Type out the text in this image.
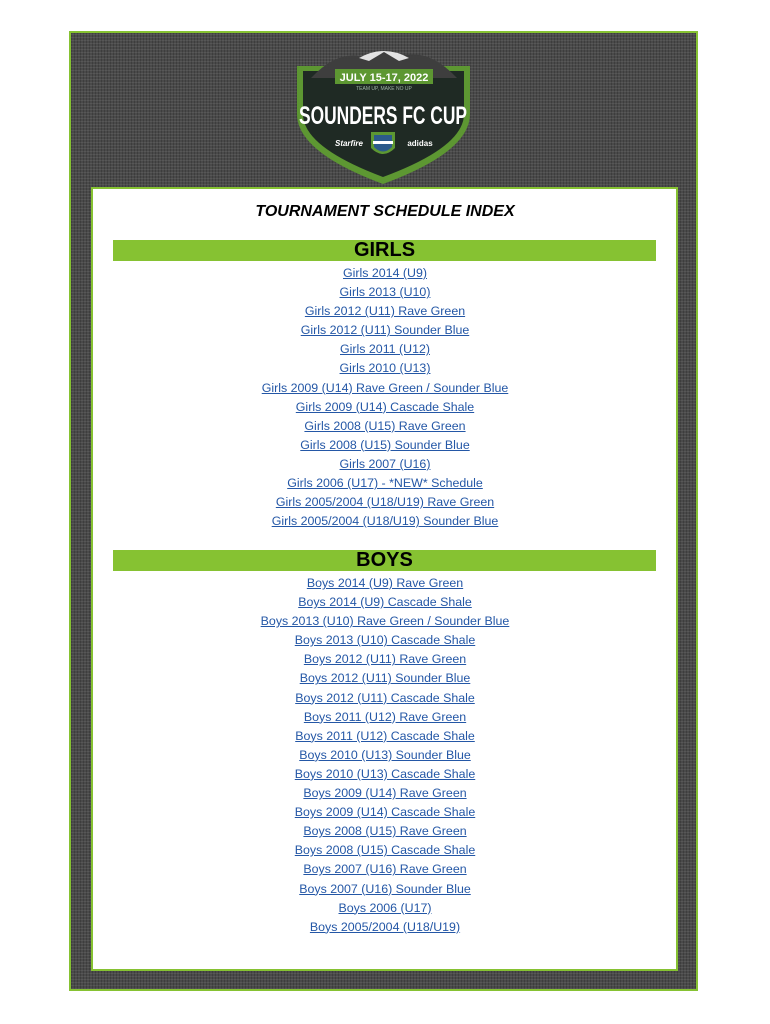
JULY 15-17, 2022
TEAM UP, MAKE NO UP
SOUNDERS FC CUP
Starfire	adidas
TOURNAMENT SCHEDULE INDEX
GIRLS
Girls 2014 (U9)
Girls 2013 (U10)
Girls 2012 (U11) Rave Green
Girls 2012 (U11) Sounder Blue
Girls 2011 (U12)
Girls 2010 (U13)
Girls 2009 (U14) Rave Green / Sounder Blue
Girls 2009 (U14) Cascade Shale
Girls 2008 (U15) Rave Green
Girls 2008 (U15) Sounder Blue
Girls 2007 (U16)
Girls 2006 (U17) - *NEW* Schedule
Girls 2005/2004 (U18/U19) Rave Green
Girls 2005/2004 (U18/U19) Sounder Blue
BOYS
Boys 2014 (U9) Rave Green
Boys 2014 (U9) Cascade Shale
Boys 2013 (U10) Rave Green / Sounder Blue
Boys 2013 (U10) Cascade Shale
Boys 2012 (U11) Rave Green
Boys 2012 (U11) Sounder Blue
Boys 2012 (U11) Cascade Shale
Boys 2011 (U12) Rave Green
Boys 2011 (U12) Cascade Shale
Boys 2010 (U13) Sounder Blue
Boys 2010 (U13) Cascade Shale
Boys 2009 (U14) Rave Green
Boys 2009 (U14) Cascade Shale
Boys 2008 (U15) Rave Green
Boys 2008 (U15) Cascade Shale
Boys 2007 (U16) Rave Green
Boys 2007 (U16) Sounder Blue
Boys 2006 (U17)
Boys 2005/2004 (U18/U19)
